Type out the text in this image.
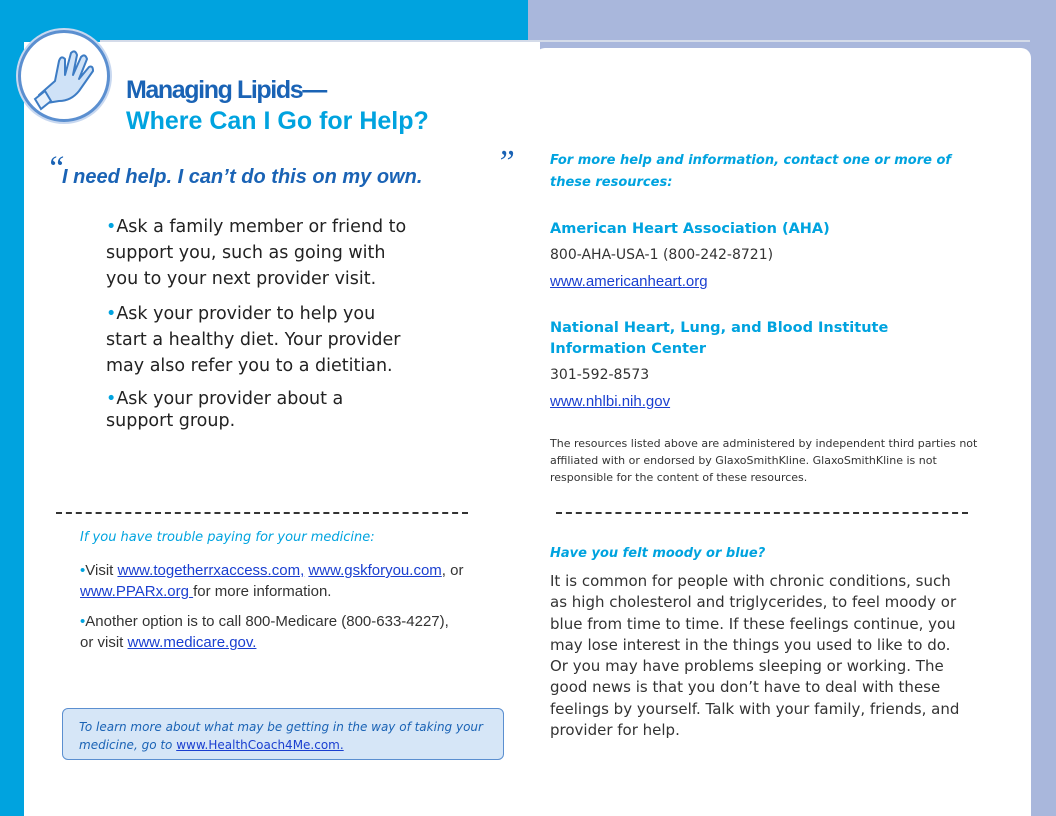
Managing Lipids—
Where Can I Go for Help?
“
I need help. I can’t do this on my own. ”
•Ask a family member or friend to support you, such as going with you to your next provider visit.
•Ask your provider to help you start a healthy diet. Your provider may also refer you to a dietitian.
•Ask your provider about a support group.
If you have trouble paying for your medicine:
•Visit www.togetherrxaccess.com, www.gskforyou.com, or www.PPARx.org for more information.
•Another option is to call 800-Medicare (800-633-4227), or visit www.medicare.gov.
To learn more about what may be getting in the way of taking your medicine, go to www.HealthCoach4Me.com.
For more help and information, contact one or more of these resources:
American Heart Association (AHA)
800-AHA-USA-1 (800-242-8721)
www.americanheart.org
National Heart, Lung, and Blood Institute Information Center
301-592-8573
www.nhlbi.nih.gov
The resources listed above are administered by independent third parties not affiliated with or endorsed by GlaxoSmithKline. GlaxoSmithKline is not responsible for the content of these resources.
Have you felt moody or blue?
It is common for people with chronic conditions, such as high cholesterol and triglycerides, to feel moody or blue from time to time. If these feelings continue, you may lose interest in the things you used to like to do. Or you may have problems sleeping or working. The good news is that you don’t have to deal with these feelings by yourself. Talk with your family, friends, and provider for help.
